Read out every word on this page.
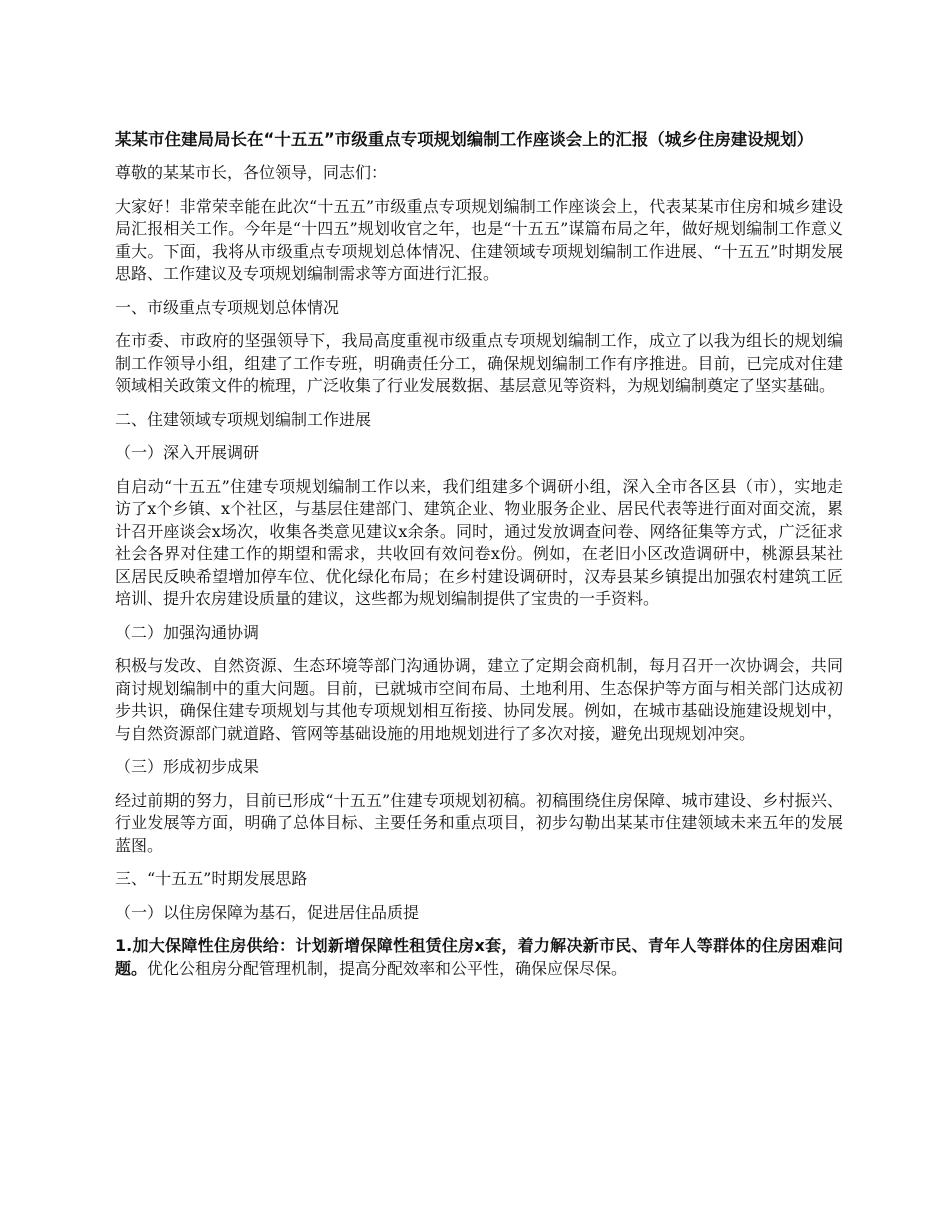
某某市住建局局长在“十五五”市级重点专项规划编制工作座谈会上的汇报（城乡住房建设规划）

尊敬的某某市长，各位领导，同志们：

大家好！非常荣幸能在此次“十五五”市级重点专项规划编制工作座谈会上，代表某某市住房和城乡建设局汇报相关工作。今年是“十四五”规划收官之年，也是“十五五”谋篇布局之年，做好规划编制工作意义重大。下面，我将从市级重点专项规划总体情况、住建领域专项规划编制工作进展、“十五五”时期发展思路、工作建议及专项规划编制需求等方面进行汇报。

一、市级重点专项规划总体情况

在市委、市政府的坚强领导下，我局高度重视市级重点专项规划编制工作，成立了以我为组长的规划编制工作领导小组，组建了工作专班，明确责任分工，确保规划编制工作有序推进。目前，已完成对住建领域相关政策文件的梳理，广泛收集了行业发展数据、基层意见等资料，为规划编制奠定了坚实基础。

二、住建领域专项规划编制工作进展

（一）深入开展调研

自启动“十五五”住建专项规划编制工作以来，我们组建多个调研小组，深入全市各区县（市），实地走访了x个乡镇、x个社区，与基层住建部门、建筑企业、物业服务企业、居民代表等进行面对面交流，累计召开座谈会x场次，收集各类意见建议x余条。同时，通过发放调查问卷、网络征集等方式，广泛征求社会各界对住建工作的期望和需求，共收回有效问卷x份。例如，在老旧小区改造调研中，桃源县某社区居民反映希望增加停车位、优化绿化布局；在乡村建设调研时，汉寿县某乡镇提出加强农村建筑工匠培训、提升农房建设质量的建议，这些都为规划编制提供了宝贵的一手资料。

（二）加强沟通协调

积极与发改、自然资源、生态环境等部门沟通协调，建立了定期会商机制，每月召开一次协调会，共同商讨规划编制中的重大问题。目前，已就城市空间布局、土地利用、生态保护等方面与相关部门达成初步共识，确保住建专项规划与其他专项规划相互衔接、协同发展。例如，在城市基础设施建设规划中，与自然资源部门就道路、管网等基础设施的用地规划进行了多次对接，避免出现规划冲突。

（三）形成初步成果

经过前期的努力，目前已形成“十五五”住建专项规划初稿。初稿围绕住房保障、城市建设、乡村振兴、行业发展等方面，明确了总体目标、主要任务和重点项目，初步勾勒出某某市住建领域未来五年的发展蓝图。

三、“十五五”时期发展思路

（一）以住房保障为基石，促进居住品质提

1.加大保障性住房供给：计划新增保障性租赁住房x套，着力解决新市民、青年人等群体的住房困难问题。优化公租房分配管理机制，提高分配效率和公平性，确保应保尽保。
